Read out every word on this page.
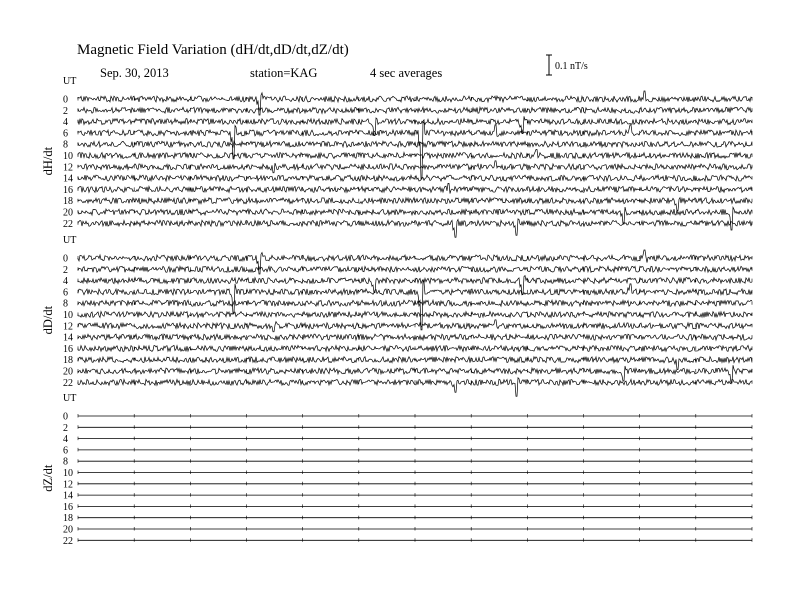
Magnetic Field Variation (dH/dt,dD/dt,dZ/dt)
Sep. 30, 2013	station=KAG	4 sec averages	0.1 nT/s
UT
dH/dt
0
2
4
6
8
10
12
14
16
18
20
22
UT
dD/dt
0
2
4
6
8
10
12
14
16
18
20
22
UT
dZ/dt
0
2
4
6
8
10
12
14
16
18
20
22
